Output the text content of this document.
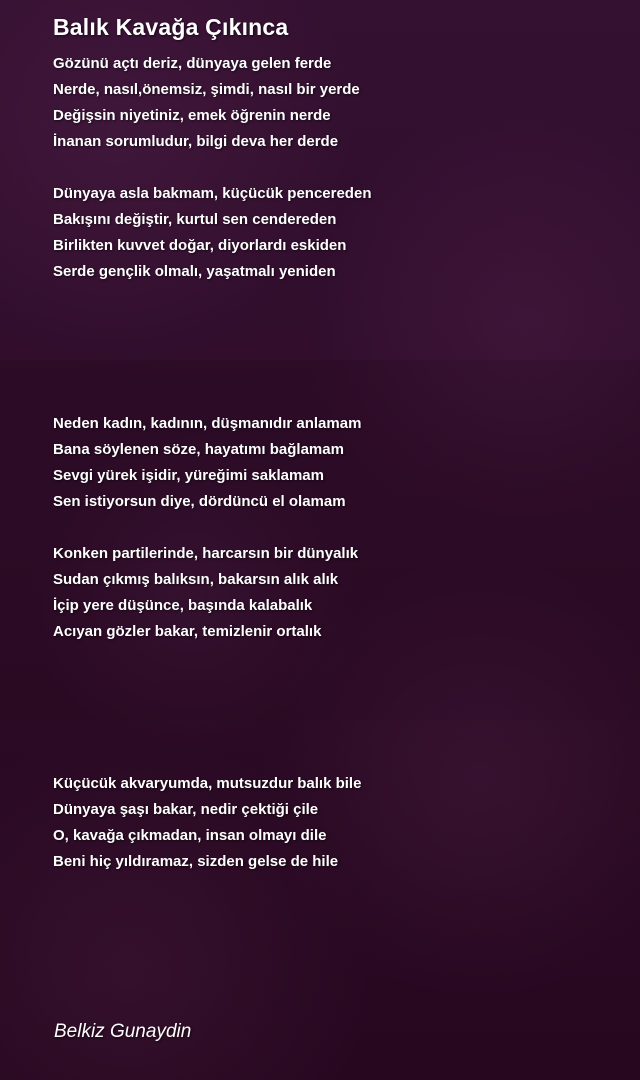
Balık Kavağa Çıkınca
Gözünü açtı deriz, dünyaya gelen ferde
Nerde, nasıl,önemsiz, şimdi, nasıl bir yerde
Değişsin niyetiniz, emek öğrenin nerde
İnanan sorumludur, bilgi deva her derde
Dünyaya asla bakmam, küçücük pencereden
Bakışını değiştir, kurtul sen cendereden
Birlikten kuvvet doğar, diyorlardı eskiden
Serde gençlik olmalı, yaşatmalı yeniden
Neden kadın, kadının, düşmanıdır anlamam
Bana söylenen söze, hayatımı bağlamam
Sevgi yürek işidir, yüreğimi saklamam
Sen istiyorsun diye, dördüncü el olamam
Konken partilerinde, harcarsın bir dünyalık
Sudan çıkmış balıksın, bakarsın alık alık
İçip yere düşünce, başında kalabalık
Acıyan gözler bakar, temizlenir ortalık
Küçücük akvaryumda, mutsuzdur balık bile
Dünyaya şaşı bakar, nedir çektiği çile
O, kavağa çıkmadan, insan olmayı dile
Beni hiç yıldıramaz, sizden gelse de hile
Belkiz Gunaydin
